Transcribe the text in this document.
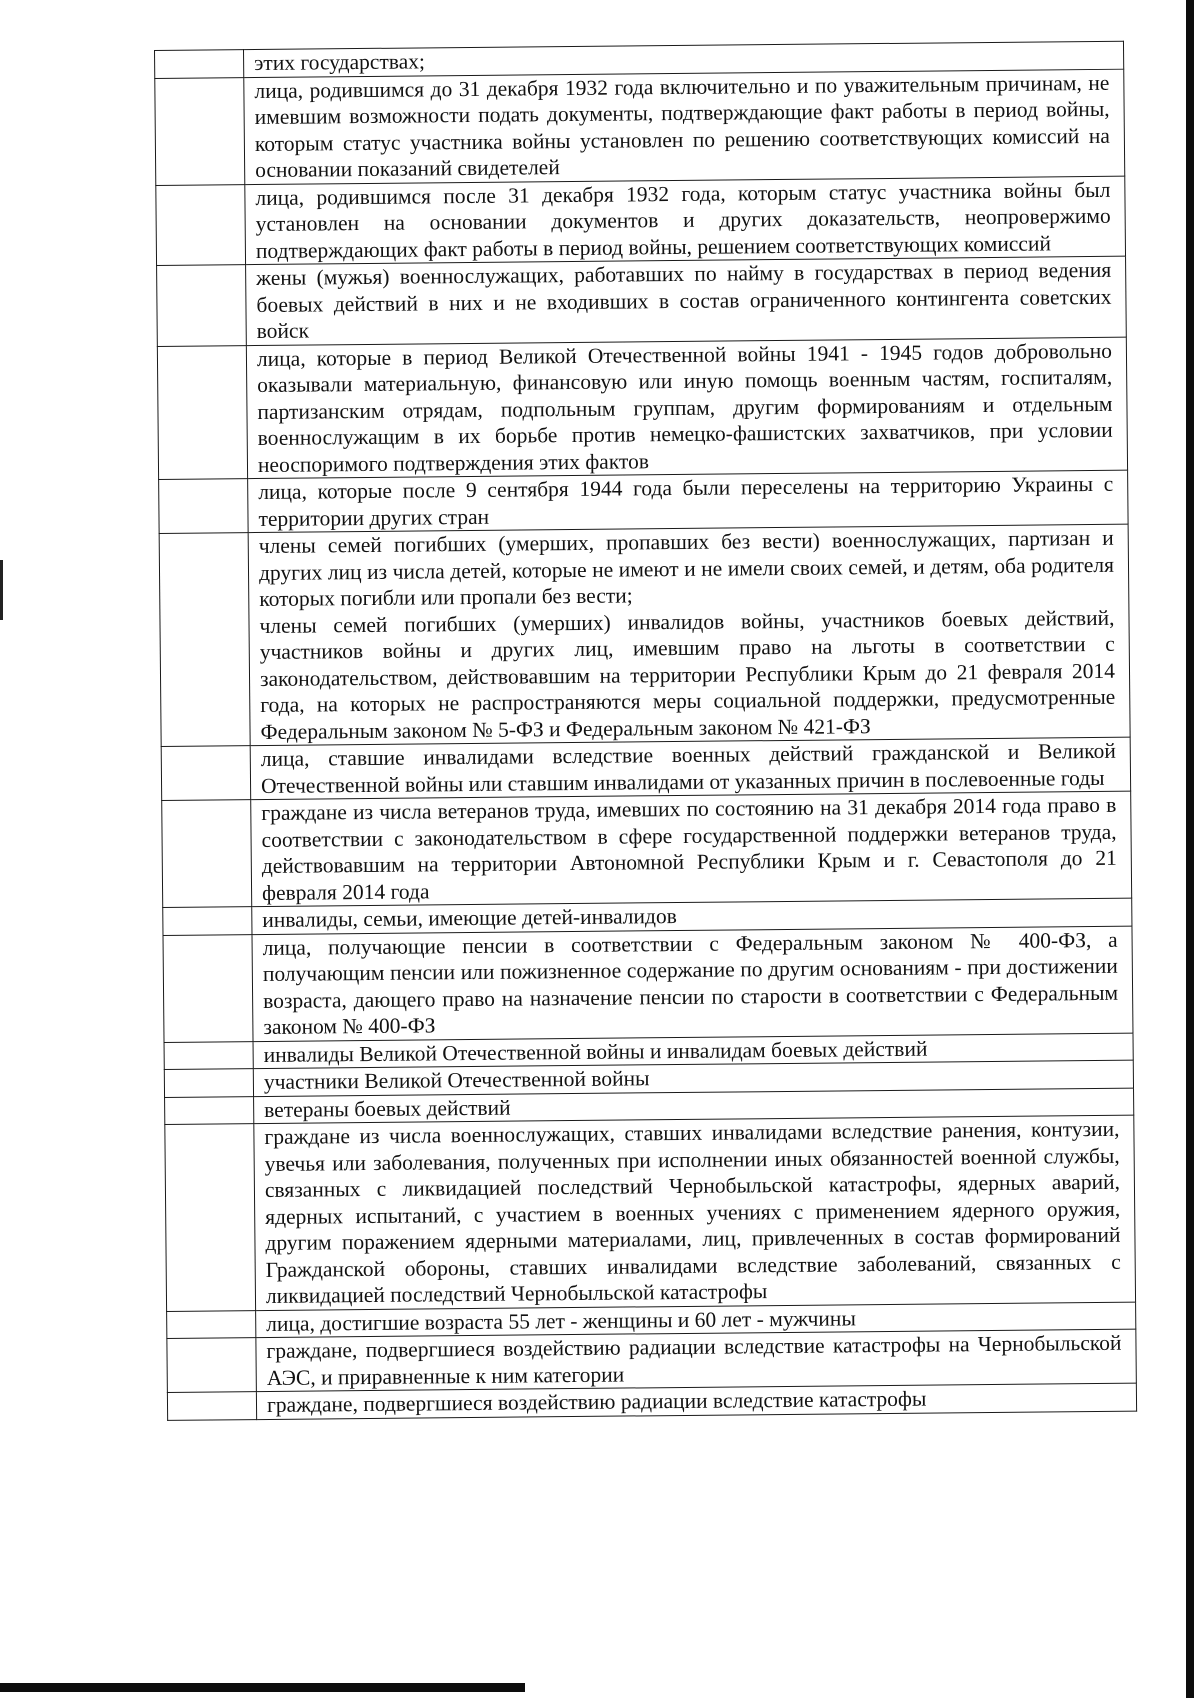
	этих государствах;
	лица, родившимся до 31 декабря 1932 года включительно и по уважительным причинам, не имевшим возможности подать документы, подтверждающие факт работы в период войны, которым статус участника войны установлен по решению соответствующих комиссий на основании показаний свидетелей
	лица, родившимся после 31 декабря 1932 года, которым статус участника войны был установлен на основании документов и других доказательств, неопровержимо подтверждающих факт работы в период войны, решением соответствующих комиссий
	жены (мужья) военнослужащих, работавших по найму в государствах в период ведения боевых действий в них и не входивших в состав ограниченного контингента советских войск
	лица, которые в период Великой Отечественной войны 1941 - 1945 годов добровольно оказывали материальную, финансовую или иную помощь военным частям, госпиталям, партизанским отрядам, подпольным группам, другим формированиям и отдельным военнослужащим в их борьбе против немецко-фашистских захватчиков, при условии неоспоримого подтверждения этих фактов
	лица, которые после 9 сентября 1944 года были переселены на территорию Украины с территории других стран
	члены семей погибших (умерших, пропавших без вести) военнослужащих, партизан и других лиц из числа детей, которые не имеют и не имели своих семей, и детям, оба родителя которых погибли или пропали без вести;
члены семей погибших (умерших) инвалидов войны, участников боевых действий, участников войны и других лиц, имевшим право на льготы в соответствии с законодательством, действовавшим на территории Республики Крым до 21 февраля 2014 года, на которых не распространяются меры социальной поддержки, предусмотренные Федеральным законом № 5-ФЗ и Федеральным законом № 421-ФЗ
	лица, ставшие инвалидами вследствие военных действий гражданской и Великой Отечественной войны или ставшим инвалидами от указанных причин в послевоенные годы
	граждане из числа ветеранов труда, имевших по состоянию на 31 декабря 2014 года право в соответствии с законодательством в сфере государственной поддержки ветеранов труда, действовавшим на территории Автономной Республики Крым и г. Севастополя до 21 февраля 2014 года
	инвалиды, семьи, имеющие детей-инвалидов
	лица, получающие пенсии в соответствии с Федеральным законом № 400-ФЗ, а получающим пенсии или пожизненное содержание по другим основаниям - при достижении возраста, дающего право на назначение пенсии по старости в соответствии с Федеральным законом № 400-ФЗ
	инвалиды Великой Отечественной войны и инвалидам боевых действий
	участники Великой Отечественной войны
	ветераны боевых действий
	граждане из числа военнослужащих, ставших инвалидами вследствие ранения, контузии, увечья или заболевания, полученных при исполнении иных обязанностей военной службы, связанных с ликвидацией последствий Чернобыльской катастрофы, ядерных аварий, ядерных испытаний, с участием в военных учениях с применением ядерного оружия, другим поражением ядерными материалами, лиц, привлеченных в состав формирований Гражданской обороны, ставших инвалидами вследствие заболеваний, связанных с ликвидацией последствий Чернобыльской катастрофы
	лица, достигшие возраста 55 лет - женщины и 60 лет - мужчины
	граждане, подвергшиеся воздействию радиации вследствие катастрофы на Чернобыльской АЭС, и приравненные к ним категории
	граждане, подвергшиеся воздействию радиации вследствие катастрофы
